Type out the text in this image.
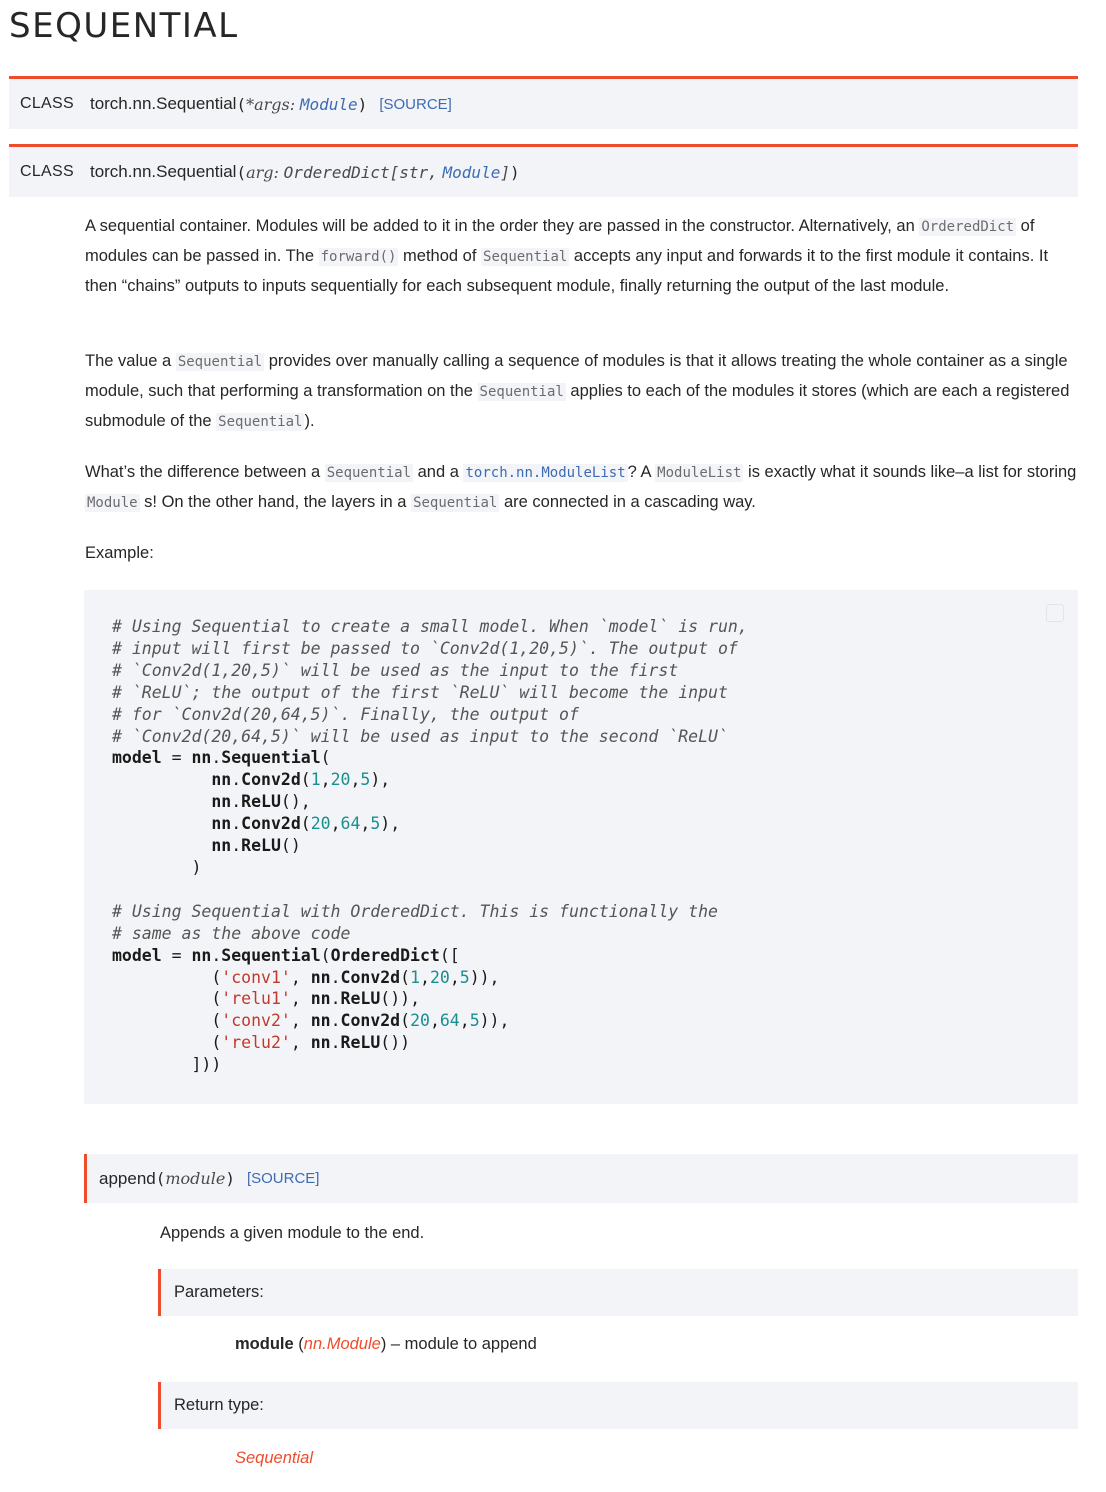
SEQUENTIAL
CLASS torch.nn.Sequential ( *args:
Module ) [SOURCE]
CLASS torch.nn.Sequential ( arg:
OrderedDict[str,
Module ] )

A sequential container. Modules will be added to it in the order they are passed in the constructor. Alternatively, an OrderedDict of modules can be passed in. The forward() method of Sequential accepts any input and forwards it to the first module it contains. It then “chains” outputs to inputs sequentially for each subsequent module, finally returning the output of the last module.

The value a Sequential provides over manually calling a sequence of modules is that it allows treating the whole container as a single module, such that performing a transformation on the Sequential applies to each of the modules it stores (which are each a registered submodule of the Sequential ).

What’s the difference between a Sequential and a torch.nn.ModuleList ? A ModuleList is exactly what it sounds like–a list for storing Module s! On the other hand, the layers in a Sequential are connected in a cascading way.

Example:

# Using Sequential to create a small model. When `model` is run,
# input will first be passed to `Conv2d(1,20,5)`. The output of
# `Conv2d(1,20,5)` will be used as the input to the first
# `ReLU`; the output of the first `ReLU` will become the input
# for `Conv2d(20,64,5)`. Finally, the output of
# `Conv2d(20,64,5)` will be used as input to the second `ReLU`
model = nn.Sequential(
nn.Conv2d(1,20,5),
nn.ReLU(),
nn.Conv2d(20,64,5),
nn.ReLU()
)

# Using Sequential with OrderedDict. This is functionally the
# same as the above code
model = nn.Sequential(OrderedDict([
('conv1', nn.Conv2d(1,20,5)),
('relu1', nn.ReLU()),
('conv2', nn.Conv2d(20,64,5)),
('relu2', nn.ReLU())
]))
append ( module ) [SOURCE]

Appends a given module to the end.

Parameters:

module (nn.Module) – module to append

Return type:

Sequential
